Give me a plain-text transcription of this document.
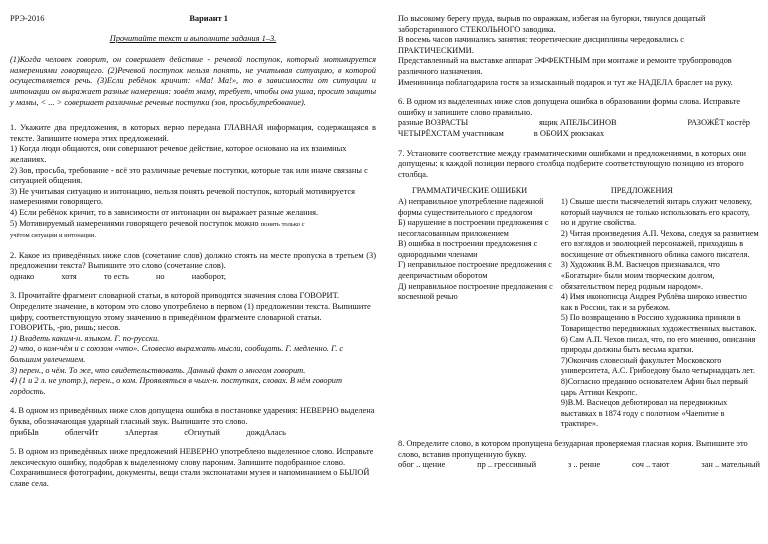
РРЭ-2016	Вариант 1
Прочитайте текст и выполните задания 1–3.

(1)Когда человек говорит, он совершает действие - речевой поступок, который мотивируется намерениями говорящего. (2)Речевой поступок нельзя понять, не учитывая ситуацию, в которой осуществляется речь. (3)Если ребёнок кричит: «Ма! Ма!», то в зависимости от ситуации и интонации он выражает разные намерения: зовёт маму, требует, чтобы она ушла, просит защиты у мамы, < ... > совершает различные речевые поступки (зов, просьбу,требование).

1. Укажите два предложения, в которых верно передана ГЛАВНАЯ информация, содержащаяся в тексте. Запишите номера этих предложений.

1) Когда люди общаются, они совершают речевое действие, которое основано на их взаимных желаниях.

2) Зов, просьба, требование - всё это различные речевые поступки, которые так или иначе связаны с ситуацией общения.

3) Не учитывая ситуацию и интонацию, нельзя понять речевой поступок, который мотивируется намерениями говорящего.

4) Если ребёнок кричит, то в зависимости от интонации он выражает разные желания.

5) Мотивируемый намерениями говорящего речевой поступок можно понять только с
учётом ситуации и интонации.

2. Какое из приведённых ниже слов (сочетание слов) должно стоять на месте пропуска в третьем (3) предложении текста? Выпишите это слово (сочетание слов).

однако	хотя	то есть	но	наоборот,

3. Прочитайте фрагмент словарной статьи, в которой приводятся значения слова ГОВОРИТ. Определите значение, в котором это слово употреблено в первом (1) предложении текста. Выпишите цифру, соответствующую этому значению в приведённом фрагменте словарной статьи.

ГОВОРИТЬ, -рю, ришь; несов.

1) Владеть каким-н. языком. Г. по-русски.

2) что, о ком-чём и с союзом «что». Словесно выражать мысли, сообщать. Г. медленно. Г. с большим увлечением.

3) перен., о чём. То же, что свидетельствовать. Данный факт о многом говорит.

4) (1 и 2 л. не употр.), перен., о ком. Проявляться в чьих-н. поступках, словах. В нём говорит гордость.

4. В одном из приведённых ниже слов допущена ошибка в постановке ударения: НЕВЕРНО выделена буква, обозначающая ударный гласный звук. Выпишите это слово.

прибЫв	облегчИт	зАпертая	сОгнутый	дождАлась

5. В одном из приведённых ниже предложений НЕВЕРНО употреблено выделенное слово. Исправьте лексическую ошибку, подобрав к выделенному слову пароним. Запишите подобранное слово.

Сохранившиеся фотографии, документы, вещи стали экспонатами музея и напоминанием о БЫЛОЙ славе села.

По высокому берегу пруда, вырыв по овражкам, избегая на бугорки, тянулся дощатый заборстаринного СТЕКОЛЬНОГО заводика.

В восемь часов начинались занятия: теоретические дисциплины чередовались с ПРАКТИЧЕСКИМИ.

Представленный на выставке аппарат ЭФФЕКТНЫМ при монтаже и ремонте трубопроводов различного назначения.

Именинница поблагодарила гостя за изысканный подарок и тут же НАДЕЛА браслет на руку.

6. В одном из выделенных ниже слов допущена ошибка в образовании формы слова. Исправьте ошибку и запишите слово правильно.

разные ВОЗРАСТЫ	ящик АПЕЛЬСИНОВ	РАЗОЖЁТ костёр
ЧЕТЫРЁХСТАМ участникам	в ОБОИХ рюкзаках

7. Установите соответствие между грамматическими ошибками и предложениями, в которых они допущены: к каждой позиции первого столбца подберите соответствующую позицию из второго столбца.

ГРАММАТИЧЕСКИЕ ОШИБКИ
А) неправильное употребление падежной формы существительного с предлогом
Б) нарушение в построении предложения с несогласованным приложением
В) ошибка в построении предложения с однородными членами
Г) неправильное построение предложения с деепричастным оборотом
Д) неправильное построение предложения с косвенной речью

ПРЕДЛОЖЕНИЯ
1) Свыше шести тысячелетий янтарь служит человеку, который научился не только использовать его красоту, но и другие свойства.
2) Читая произведения А.П. Чехова, следуя за развитием его взглядов и эволюцией персонажей, приходишь в восхищение от объективного облика самого писателя.
3) Художник В.М. Васнецов признавался, что «Богатыри» были моим творческим долгом, обязательством перед родным народом».
4) Имя иконописца Андрея Рублёва широко известно как в России, так и за рубежом.
5) По возвращению в Россию художника приняли в Товарищество передвижных художественных выставок.
6) Сам А.П. Чехов писал, что, по его мнению, описания природы должны быть весьма кратки.
7)Окончив словесный факультет Московского университета, А.С. Грибоедову было четырнадцать лет.
8)Согласно преданию основателем Афин был первый царь Аттики Кекропс.
9)В.М. Васнецов дебютировал на передвижных выставках в 1874 году с полотном «Чаепитие в трактире».

8. Определите слово, в котором пропущена безударная проверяемая гласная корня. Выпишите это слово, вставив пропущенную букву.

обог .. щение	пр .. грессивный	з .. ренне	соч .. тают	зан .. мательный
